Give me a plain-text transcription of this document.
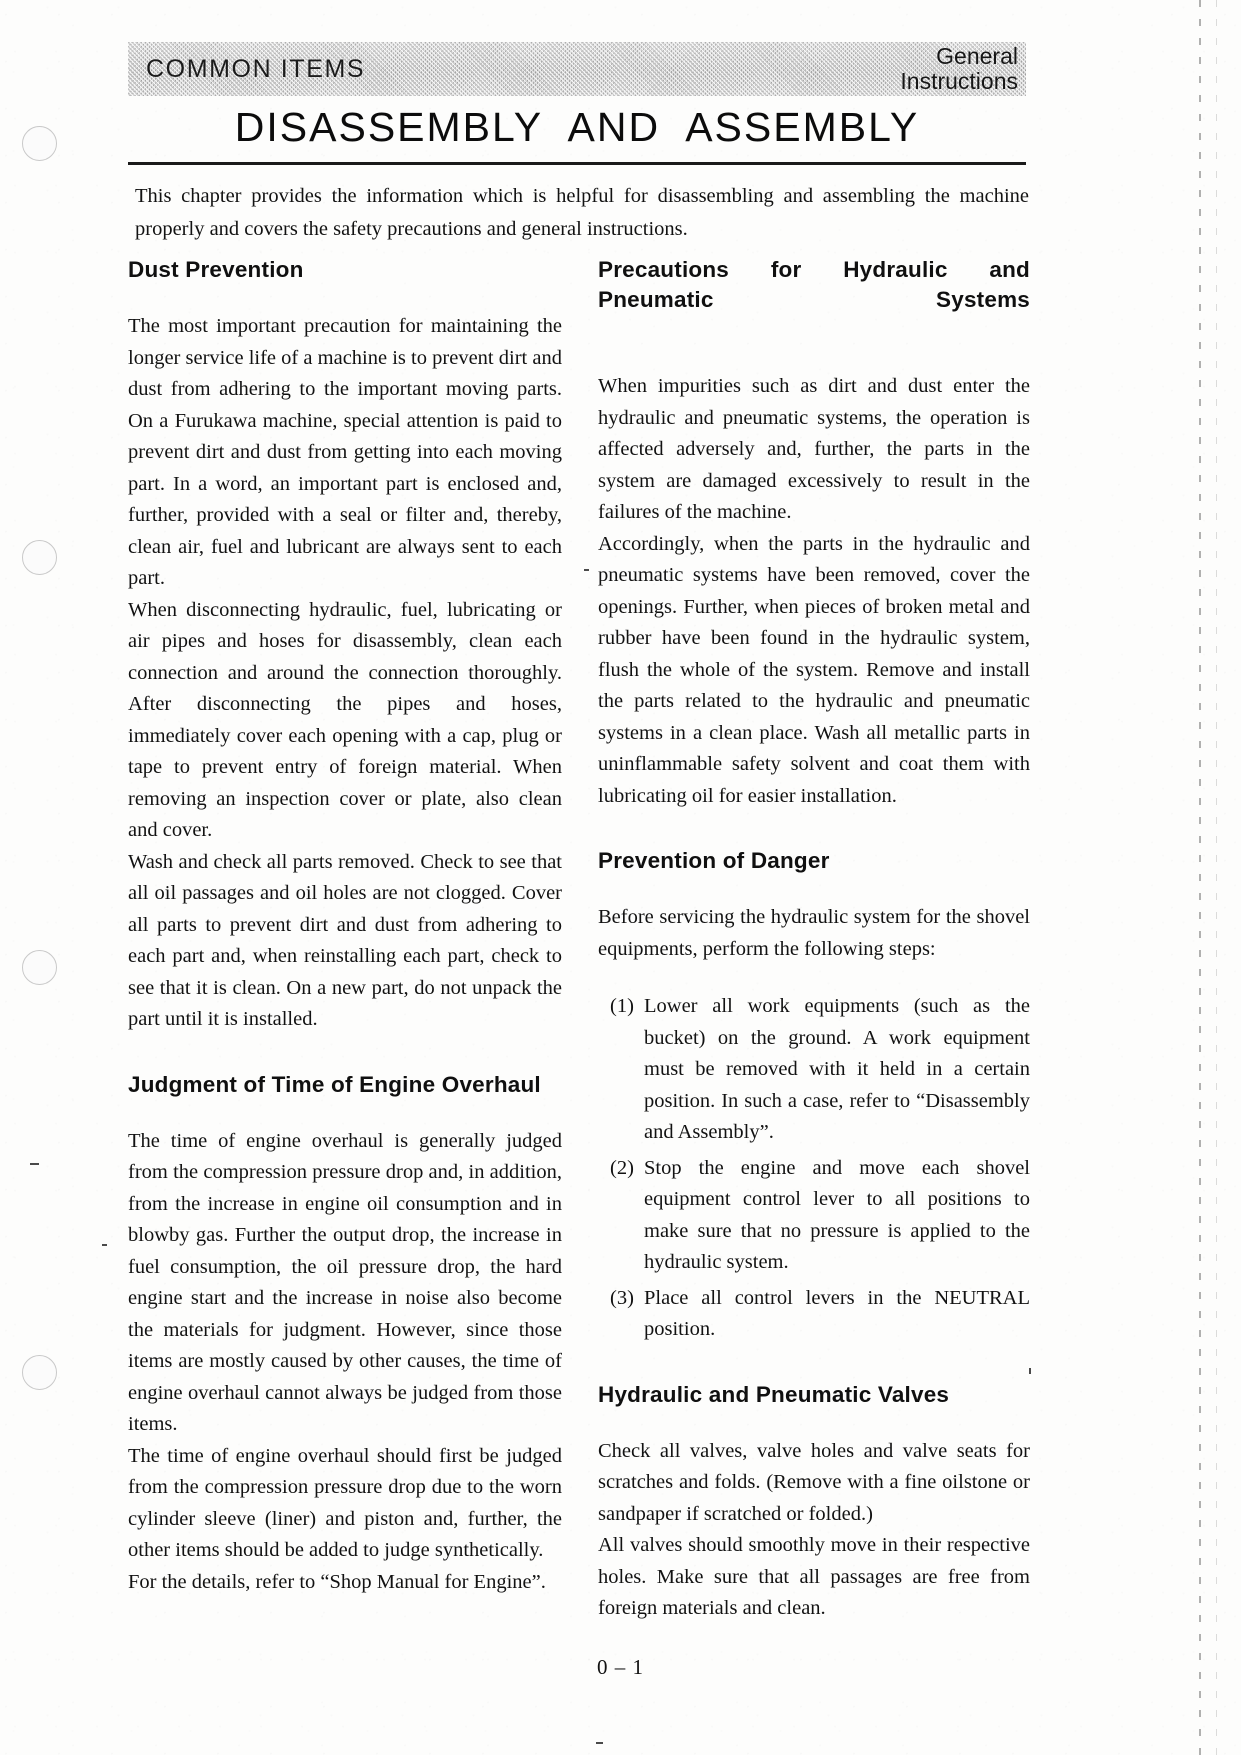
COMMON ITEMS	General
Instructions
DISASSEMBLY AND ASSEMBLY
This chapter provides the information which is helpful for disassembling and assembling the machine properly and covers the safety precautions and general instructions.
Dust Prevention

The most important precaution for maintaining the longer service life of a machine is to prevent dirt and dust from adhering to the important moving parts. On a Furukawa machine, special attention is paid to prevent dirt and dust from getting into each moving part. In a word, an important part is enclosed and, further, provided with a seal or filter and, thereby, clean air, fuel and lubricant are always sent to each part.

When disconnecting hydraulic, fuel, lubricating or air pipes and hoses for disassembly, clean each connection and around the connection thoroughly. After disconnecting the pipes and hoses, immediately cover each opening with a cap, plug or tape to prevent entry of foreign material. When removing an inspection cover or plate, also clean and cover.

Wash and check all parts removed. Check to see that all oil passages and oil holes are not clogged. Cover all parts to prevent dirt and dust from adhering to each part and, when reinstalling each part, check to see that it is clean. On a new part, do not unpack the part until it is installed.

Judgment of Time of Engine Overhaul

The time of engine overhaul is generally judged from the compression pressure drop and, in addition, from the increase in engine oil consumption and in blowby gas. Further the output drop, the increase in fuel consumption, the oil pressure drop, the hard engine start and the increase in noise also become the materials for judgment. However, since those items are mostly caused by other causes, the time of engine overhaul cannot always be judged from those items.

The time of engine overhaul should first be judged from the compression pressure drop due to the worn cylinder sleeve (liner) and piston and, further, the other items should be added to judge synthetically.

For the details, refer to “Shop Manual for Engine”.

Precautions for Hydraulic and Pneumatic Systems

When impurities such as dirt and dust enter the hydraulic and pneumatic systems, the operation is affected adversely and, further, the parts in the system are damaged excessively to result in the failures of the machine.

Accordingly, when the parts in the hydraulic and pneumatic systems have been removed, cover the openings. Further, when pieces of broken metal and rubber have been found in the hydraulic system, flush the whole of the system. Remove and install the parts related to the hydraulic and pneumatic systems in a clean place. Wash all metallic parts in uninflammable safety solvent and coat them with lubricating oil for easier installation.

Prevention of Danger

Before servicing the hydraulic system for the shovel equipments, perform the following steps:

(1) Lower all work equipments (such as the bucket) on the ground. A work equipment must be removed with it held in a certain position. In such a case, refer to “Disassembly and Assembly”.
(2) Stop the engine and move each shovel equipment control lever to all positions to make sure that no pressure is applied to the hydraulic system.
(3) Place all control levers in the NEUTRAL position.
Hydraulic and Pneumatic Valves

Check all valves, valve holes and valve seats for scratches and folds. (Remove with a fine oilstone or sandpaper if scratched or folded.)

All valves should smoothly move in their respective holes. Make sure that all passages are free from foreign materials and clean.

0 – 1
